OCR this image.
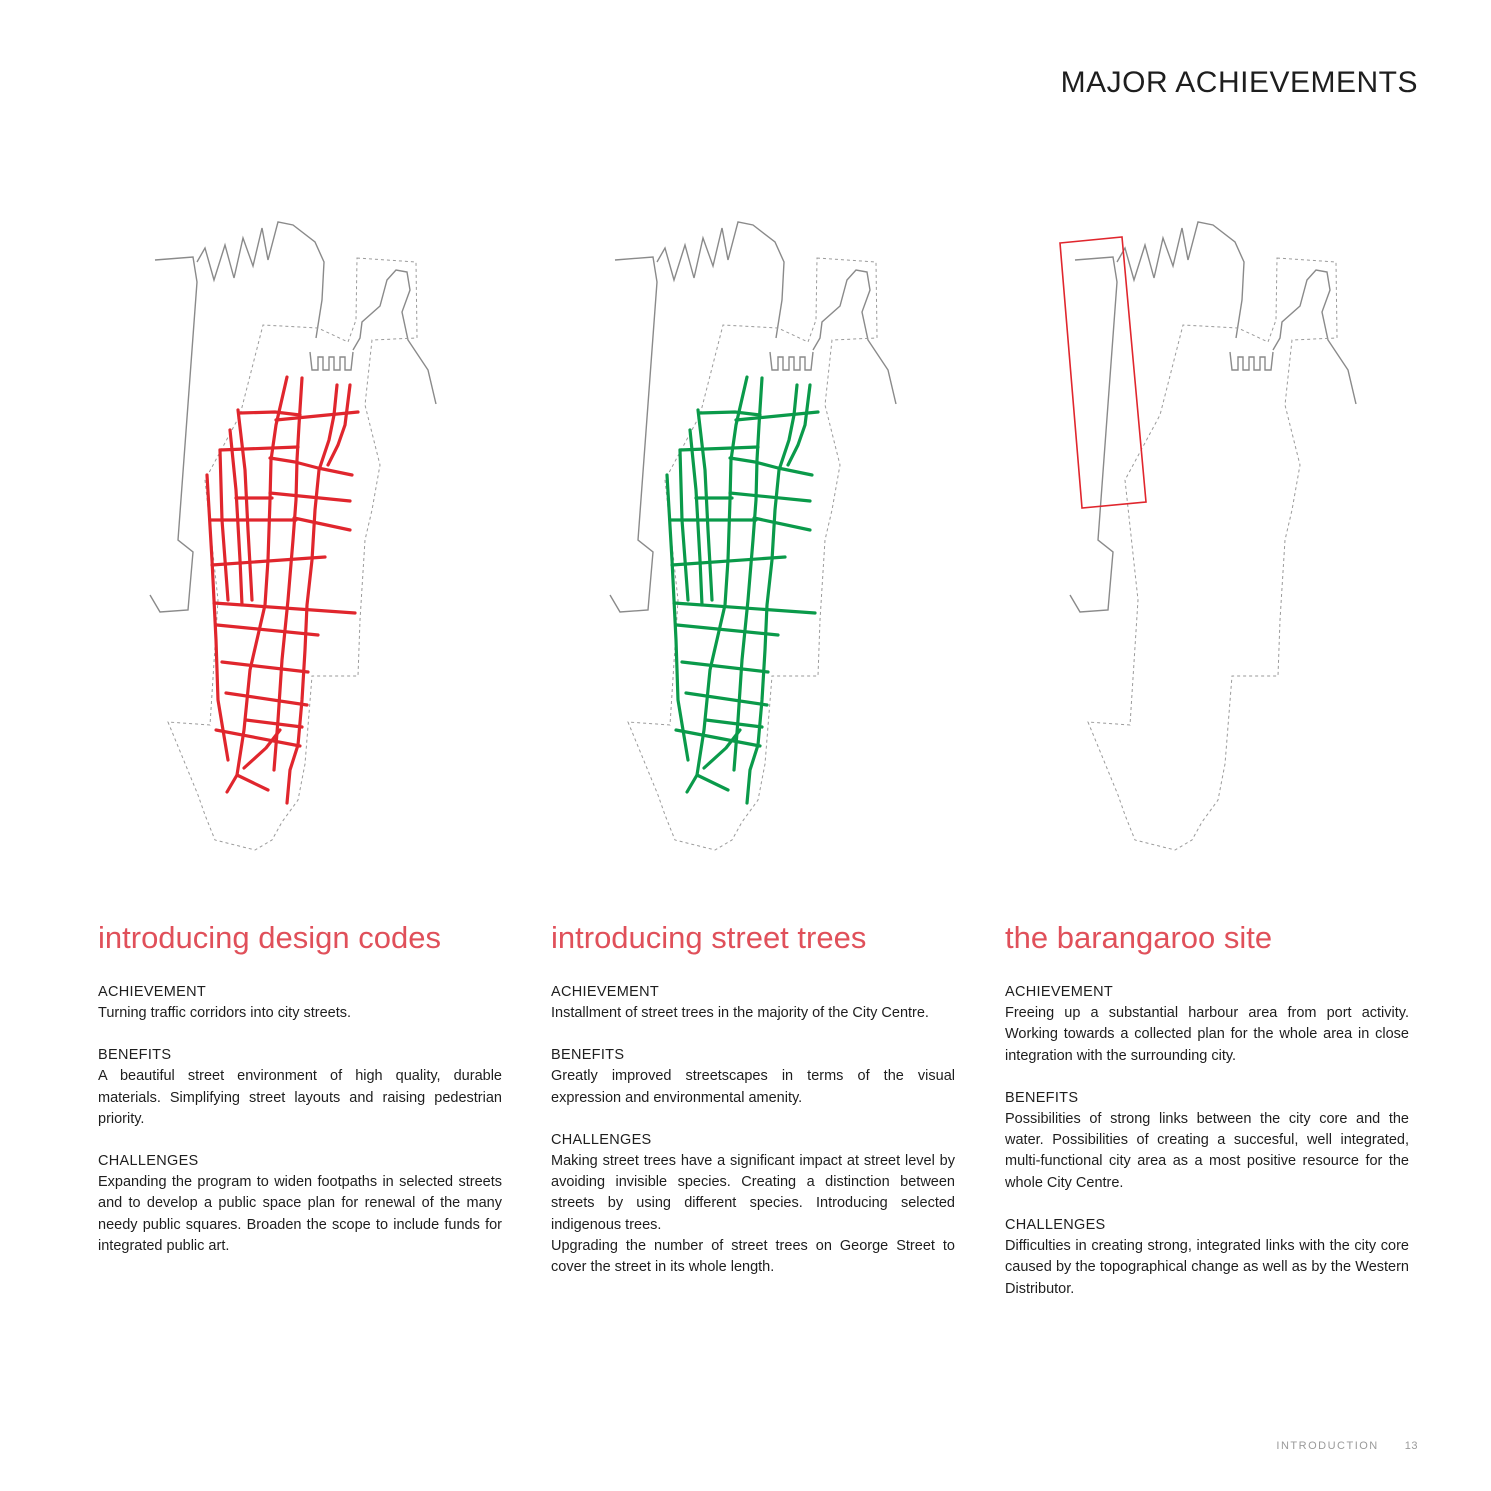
MAJOR ACHIEVEMENTS
introducing design codes
ACHIEVEMENT

Turning traffic corridors into city streets.

BENEFITS

A beautiful street environment of high quality, durable materials. Simplifying street layouts and raising pedestrian priority.

CHALLENGES

Expanding the program to widen footpaths in selected streets and to develop a public space plan for renewal of the many needy public squares. Broaden the scope to include funds for integrated public art.

introducing street trees
ACHIEVEMENT

Installment of street trees in the majority of the City Centre.

BENEFITS

Greatly improved streetscapes in terms of the visual expression and environmental amenity.

CHALLENGES

Making street trees have a significant impact at street level by avoiding invisible species. Creating a distinction between streets by using different species. Introducing selected indigenous trees.

Upgrading the number of street trees on George Street to cover the street in its whole length.

the barangaroo site
ACHIEVEMENT

Freeing up a substantial harbour area from port activity. Working towards a collected plan for the whole area in close integration with the surrounding city.

BENEFITS

Possibilities of strong links between the city core and the water. Possibilities of creating a succesful, well integrated, multi-functional city area as a most positive resource for the whole City Centre.

CHALLENGES

Difficulties in creating strong, integrated links with the city core caused by the topographical change as well as by the Western Distributor.

INTRODUCTION 13
